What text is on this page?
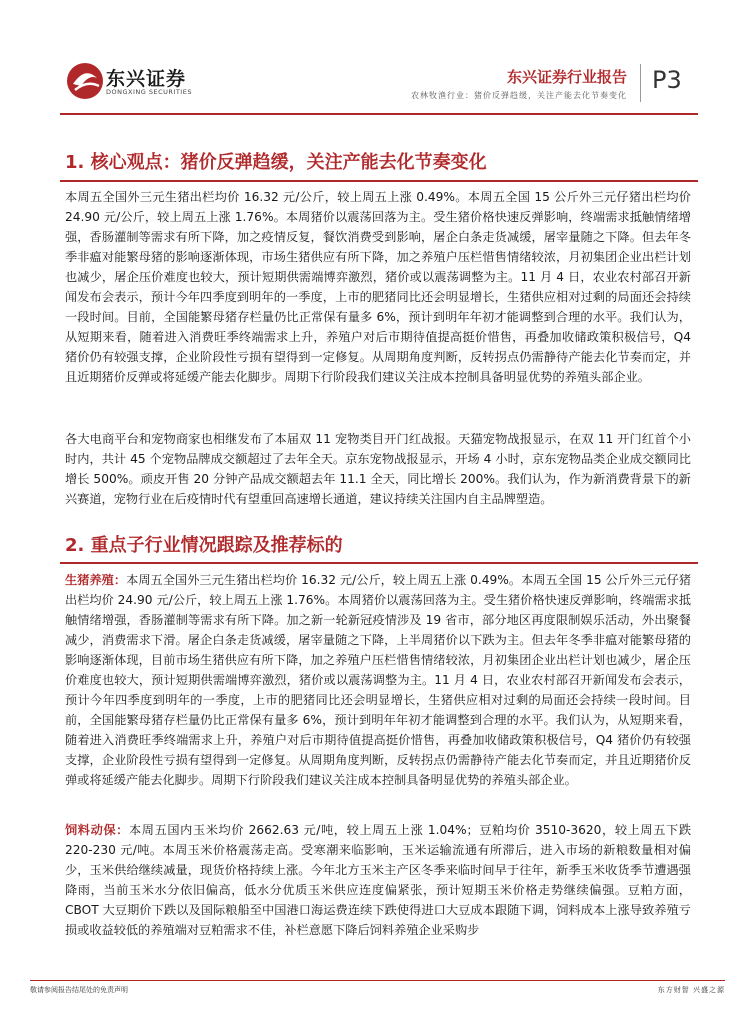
东兴证券
DONGXING SECURITIES
东兴证券行业报告
农林牧渔行业：猪价反弹趋缓，关注产能去化节奏变化
P3
1. 核心观点：猪价反弹趋缓，关注产能去化节奏变化

本周五全国外三元生猪出栏均价 16.32 元/公斤，较上周五上涨 0.49%。本周五全国 15 公斤外三元仔猪出栏均价 24.90 元/公斤，较上周五上涨 1.76%。本周猪价以震荡回落为主。受生猪价格快速反弹影响，终端需求抵触情绪增强，香肠灌制等需求有所下降，加之疫情反复，餐饮消费受到影响，屠企白条走货减缓，屠宰量随之下降。但去年冬季非瘟对能繁母猪的影响逐渐体现，市场生猪供应有所下降，加之养殖户压栏惜售情绪较浓，月初集团企业出栏计划也减少，屠企压价难度也较大，预计短期供需端博弈激烈，猪价或以震荡调整为主。11 月 4 日，农业农村部召开新闻发布会表示，预计今年四季度到明年的一季度，上市的肥猪同比还会明显增长，生猪供应相对过剩的局面还会持续一段时间。目前，全国能繁母猪存栏量仍比正常保有量多 6%，预计到明年年初才能调整到合理的水平。我们认为，从短期来看，随着进入消费旺季终端需求上升，养殖户对后市期待值提高挺价惜售，再叠加收储政策积极信号，Q4 猪价仍有较强支撑，企业阶段性亏损有望得到一定修复。从周期角度判断，反转拐点仍需静待产能去化节奏而定，并且近期猪价反弹或将延缓产能去化脚步。周期下行阶段我们建议关注成本控制具备明显优势的养殖头部企业。

各大电商平台和宠物商家也相继发布了本届双 11 宠物类目开门红战报。天猫宠物战报显示，在双 11 开门红首个小时内，共计 45 个宠物品牌成交额超过了去年全天。京东宠物战报显示，开场 4 小时，京东宠物品类企业成交额同比增长 500%。顽皮开售 20 分钟产品成交额超去年 11.1 全天，同比增长 200%。我们认为，作为新消费背景下的新兴赛道，宠物行业在后疫情时代有望重回高速增长通道，建议持续关注国内自主品牌塑造。

2. 重点子行业情况跟踪及推荐标的

生猪养殖：本周五全国外三元生猪出栏均价 16.32 元/公斤，较上周五上涨 0.49%。本周五全国 15 公斤外三元仔猪出栏均价 24.90 元/公斤，较上周五上涨 1.76%。本周猪价以震荡回落为主。受生猪价格快速反弹影响，终端需求抵触情绪增强，香肠灌制等需求有所下降。加之新一轮新冠疫情涉及 19 省市，部分地区再度限制娱乐活动，外出聚餐减少，消费需求下滑。屠企白条走货减缓，屠宰量随之下降，上半周猪价以下跌为主。但去年冬季非瘟对能繁母猪的影响逐渐体现，目前市场生猪供应有所下降，加之养殖户压栏惜售情绪较浓，月初集团企业出栏计划也减少，屠企压价难度也较大，预计短期供需端博弈激烈，猪价或以震荡调整为主。11 月 4 日，农业农村部召开新闻发布会表示，预计今年四季度到明年的一季度，上市的肥猪同比还会明显增长，生猪供应相对过剩的局面还会持续一段时间。目前，全国能繁母猪存栏量仍比正常保有量多 6%，预计到明年年初才能调整到合理的水平。我们认为，从短期来看，随着进入消费旺季终端需求上升，养殖户对后市期待值提高挺价惜售，再叠加收储政策积极信号，Q4 猪价仍有较强支撑，企业阶段性亏损有望得到一定修复。从周期角度判断，反转拐点仍需静待产能去化节奏而定，并且近期猪价反弹或将延缓产能去化脚步。周期下行阶段我们建议关注成本控制具备明显优势的养殖头部企业。

饲料动保：本周五国内玉米均价 2662.63 元/吨，较上周五上涨 1.04%；豆粕均价 3510-3620，较上周五下跌 220-230 元/吨。本周玉米价格震荡走高。受寒潮来临影响，玉米运输流通有所滞后，进入市场的新粮数量相对偏少，玉米供给继续减量，现货价格持续上涨。今年北方玉米主产区冬季来临时间早于往年，新季玉米收货季节遭遇强降雨，当前玉米水分依旧偏高，低水分优质玉米供应连度偏紧张，预计短期玉米价格走势继续偏强。豆粕方面，CBOT 大豆期价下跌以及国际粮船至中国港口海运费连续下跌使得进口大豆成本跟随下调，饲料成本上涨导致养殖亏损或收益较低的养殖端对豆粕需求不佳，补栏意愿下降后饲料养殖企业采购步

敬请参阅报告结尾处的免责声明	东方财智 兴盛之源
